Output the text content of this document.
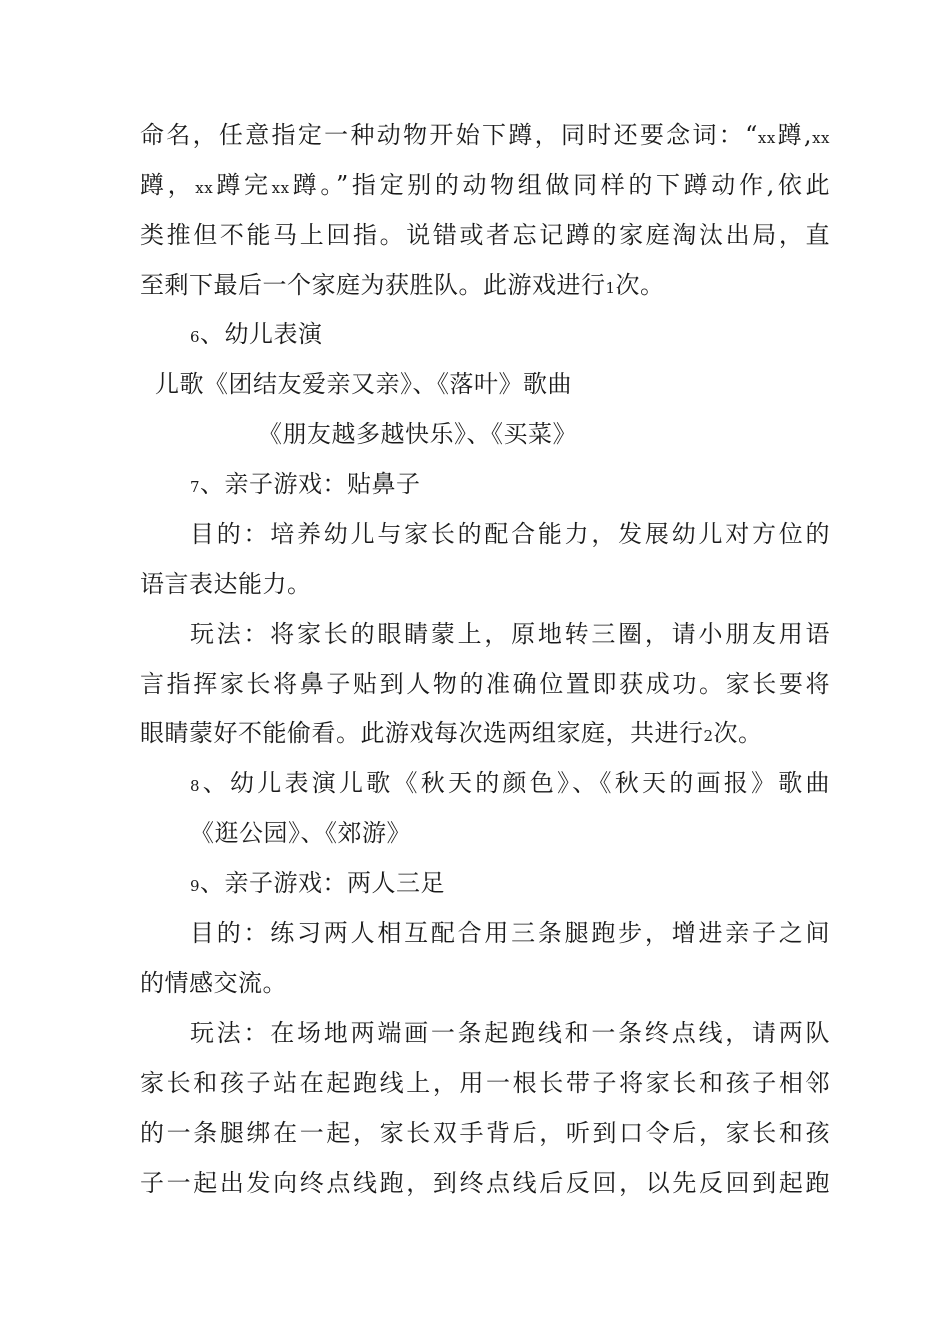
命名，任意指定一种动物开始下蹲，同时还要念词：“xx蹲,xx
蹲，xx蹲完xx蹲。”指定别的动物组做同样的下蹲动作,依此
类推但不能马上回指。说错或者忘记蹲的家庭淘汰出局，直
至剩下最后一个家庭为获胜队。此游戏进行1次。
6、幼儿表演
儿歌《团结友爱亲又亲》、《落叶》歌曲
《朋友越多越快乐》、《买菜》
7、亲子游戏：贴鼻子
目的：培养幼儿与家长的配合能力，发展幼儿对方位的
语言表达能力。
玩法：将家长的眼睛蒙上，原地转三圈，请小朋友用语
言指挥家长将鼻子贴到人物的准确位置即获成功。家长要将
眼睛蒙好不能偷看。此游戏每次选两组家庭，共进行2次。
8、幼儿表演儿歌《秋天的颜色》、《秋天的画报》歌曲
《逛公园》、《郊游》
9、亲子游戏：两人三足
目的：练习两人相互配合用三条腿跑步，增进亲子之间
的情感交流。
玩法：在场地两端画一条起跑线和一条终点线，请两队
家长和孩子站在起跑线上，用一根长带子将家长和孩子相邻
的一条腿绑在一起，家长双手背后，听到口令后，家长和孩
子一起出发向终点线跑，到终点线后反回，以先反回到起跑
